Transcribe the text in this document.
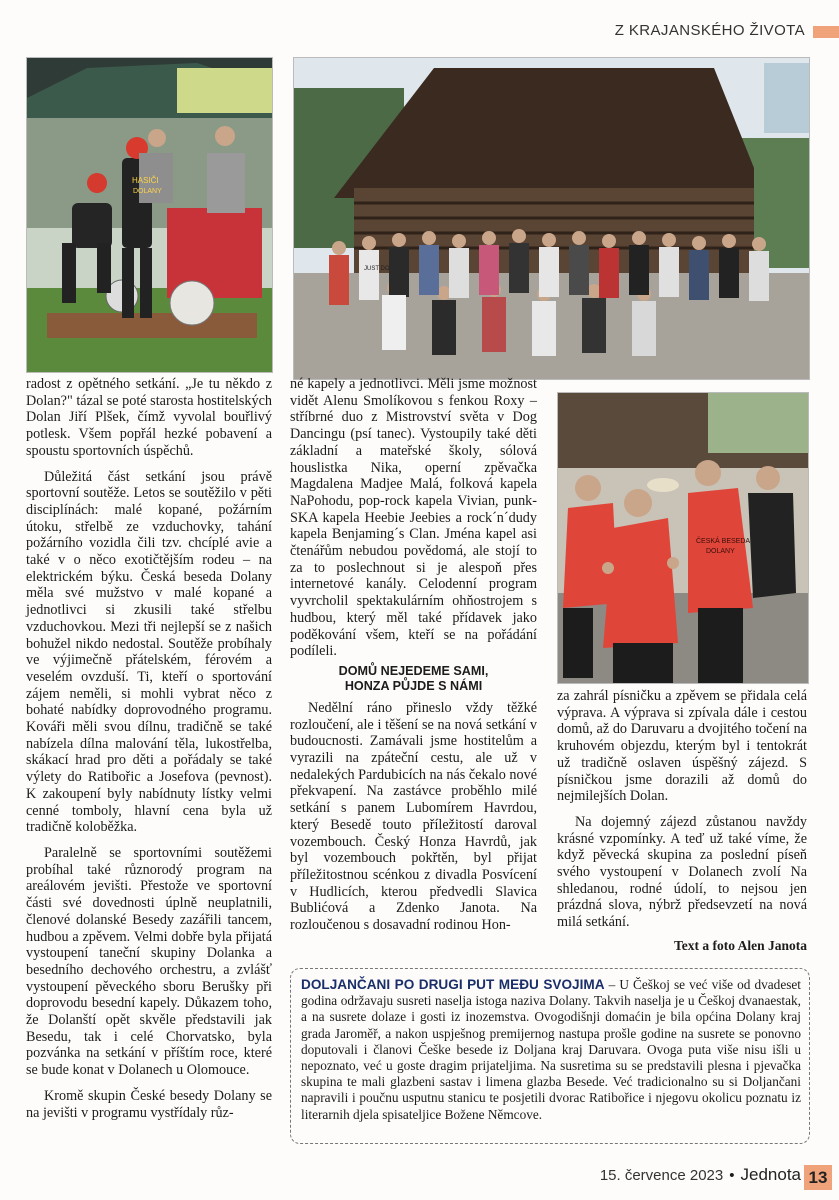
Z KRAJANSKÉHO ŽIVOTA
HASIČI
DOLANY
JUST DO
ČESKÁ BESEDA
DOLANY

radost z opětného setkání. „Je tu někdo z Dolan?" tázal se poté starosta hostitelských Dolan Jiří Plšek, čímž vyvolal bouřlivý potlesk. Všem popřál hezké pobavení a spoustu sportovních úspěchů.

Důležitá část setkání jsou právě sportovní soutěže. Letos se soutěžilo v pěti disciplínách: malé kopané, požárním útoku, střelbě ze vzduchovky, tahání požárního vozidla čili tzv. chcíplé avie a také v o něco exotičtějším rodeu – na elektrickém býku. Česká beseda Dolany měla své mužstvo v malé kopané a jednotlivci si zkusili také střelbu vzduchovkou. Mezi tři nejlepší se z našich bohužel nikdo nedostal. Soutěže probíhaly ve výjimečně přátelském, férovém a veselém ovzduší. Ti, kteří o sportování zájem neměli, si mohli vybrat něco z bohaté nabídky doprovodného programu. Kováři měli svou dílnu, tradičně se také nabízela dílna malování těla, lukostřelba, skákací hrad pro děti a pořádaly se také výlety do Ratibořic a Josefova (pevnost). K zakoupení byly nabídnuty lístky velmi cenné tomboly, hlavní cena byla už tradičně koloběžka.

Paralelně se sportovními soutěžemi probíhal také různorodý program na areálovém jevišti. Přestože ve sportovní části své dovednosti úplně neuplatnili, členové dolanské Besedy zazářili tancem, hudbou a zpěvem. Velmi dobře byla přijatá vystoupení taneční skupiny Dolanka a besedního dechového orchestru, a zvlášť vystoupení pěveckého sboru Berušky při doprovodu besední kapely. Důkazem toho, že Dolanští opět skvěle představili jak Besedu, tak i celé Chorvatsko, byla pozvánka na setkání v příštím roce, které se bude konat v Dolanech u Olomouce.

Kromě skupin České besedy Dolany se na jevišti v programu vystřídaly růz-

né kapely a jednotlivci. Měli jsme možnost vidět Alenu Smolíkovou s fenkou Roxy – stříbrné duo z Mistrovství světa v Dog Dancingu (psí tanec). Vystoupily také děti základní a mateřské školy, sólová houslistka Nika, operní zpěvačka Magdalena Madjee Malá, folková kapela NaPohodu, pop-rock kapela Vivian, punk-SKA kapela Heebie Jeebies a rock´n´dudy kapela Benjaming´s Clan. Jména kapel asi čtenářům nebudou povědomá, ale stojí to za to poslechnout si je alespoň přes internetové kanály. Celodenní program vyvrcholil spektakulárním ohňostrojem s hudbou, který měl také přídavek jako poděkování všem, kteří se na pořádání podíleli.

DOMŮ NEJEDEME SAMI,
HONZA PŮJDE S NÁMI

Nedělní ráno přineslo vždy těžké rozloučení, ale i těšení se na nová setkání v budoucnosti. Zamávali jsme hostitelům a vyrazili na zpáteční cestu, ale už v nedalekých Pardubicích na nás čekalo nové překvapení. Na zastávce proběhlo milé setkání s panem Lubomírem Havrdou, který Besedě touto příležitostí daroval vozembouch. Český Honza Havrdů, jak byl vozembouch pokřtěn, byl přijat příležitostnou scénkou z divadla Posvícení v Hudlicích, kterou předvedli Slavica Bublićová a Zdenko Janota. Na rozloučenou s dosavadní rodinou Hon-

za zahrál písničku a zpěvem se přidala celá výprava. A výprava si zpívala dále i cestou domů, až do Daruvaru a dvojitého točení na kruhovém objezdu, kterým byl i tentokrát už tradičně oslaven úspěšný zájezd. S písničkou jsme dorazili až domů do nejmilejších Dolan.

Na dojemný zájezd zůstanou navždy krásné vzpomínky. A teď už také víme, že když pěvecká skupina za poslední píseň svého vystoupení v Dolanech zvolí Na shledanou, rodné údolí, to nejsou jen prázdná slova, nýbrž předsevzetí na nová milá setkání.

Text a foto Alen Janota
DOLJANČANI PO DRUGI PUT MEĐU SVOJIMA – U Češkoj se već više od dvadeset godina održavaju susreti naselja istoga naziva Dolany. Takvih naselja je u Češkoj dvanaestak, a na susrete dolaze i gosti iz inozemstva. Ovogodišnji domaćin je bila općina Dolany kraj grada Jaroměř, a nakon uspješnog premijernog nastupa prošle godine na susrete se ponovno doputovali i članovi Češke besede iz Doljana kraj Daruvara. Ovoga puta više nisu išli u nepoznato, već u goste dragim prijateljima. Na susretima su se predstavili plesna i pjevačka skupina te mali glazbeni sastav i limena glazba Besede. Već tradicionalno su si Doljančani napravili i poučnu usputnu stanicu te posjetili dvorac Ratibořice i njegovu okolicu poznatu iz literarnih djela spisateljice Božene Němcove.
15. července 2023 • Jednota 13
